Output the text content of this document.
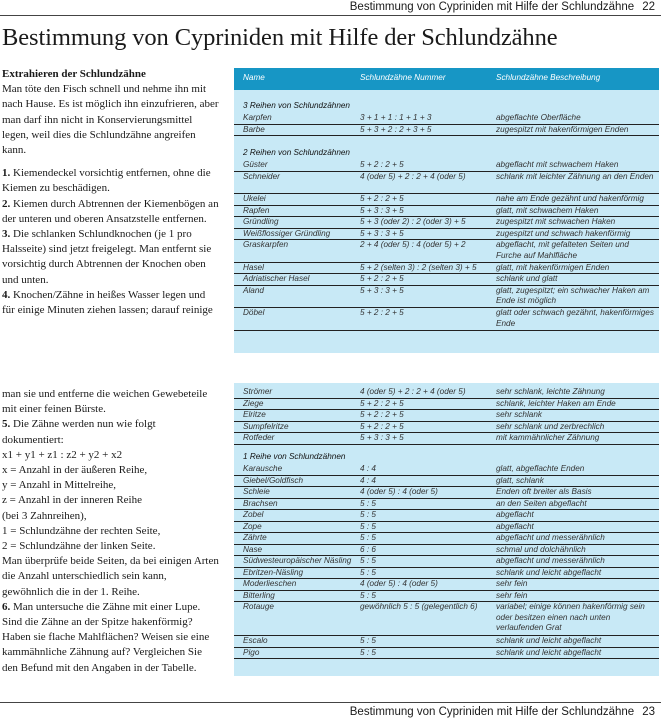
Bestimmung von Cypriniden mit Hilfe der Schlundzähne 22
Bestimmung von Cypriniden mit Hilfe der Schlundzähne

Extrahieren der Schlundzähne

Man töte den Fisch schnell und nehme ihn mit nach Hause. Es ist möglich ihn einzufrieren, aber man darf ihn nicht in Konservierungsmittel legen, weil dies die Schlundzähne angreifen kann.

1. Kiemendeckel vorsichtig entfernen, ohne die Kiemen zu beschädigen.

2. Kiemen durch Abtrennen der Kiemenbögen an der unteren und oberen Ansatzstelle entfernen.

3. Die schlanken Schlundknochen (je 1 pro Halsseite) sind jetzt freigelegt. Man entfernt sie vorsichtig durch Abtrennen der Knochen oben und unten.

4. Knochen/Zähne in heißes Wasser legen und für einige Minuten ziehen lassen; darauf reinige

man sie und entferne die weichen Gewebeteile mit einer feinen Bürste.

5. Die Zähne werden nun wie folgt dokumentiert:

x1 + y1 + z1 : z2 + y2 + x2

x = Anzahl in der äußeren Reihe,

y = Anzahl in Mittelreihe,

z = Anzahl in der inneren Reihe

(bei 3 Zahnreihen),

1 = Schlundzähne der rechten Seite,

2 = Schlundzähne der linken Seite.

Man überprüfe beide Seiten, da bei einigen Arten die Anzahl unterschiedlich sein kann, gewöhnlich die in der 1. Reihe.

6. Man untersuche die Zähne mit einer Lupe. Sind die Zähne an der Spitze hakenförmig? Haben sie flache Mahlflächen? Weisen sie eine kammähnliche Zähnung auf? Vergleichen Sie den Befund mit den Angaben in der Tabelle.

Name	Schlundzähne Nummer	Schlundzähne Beschreibung
3 Reihen von Schlundzähnen
Karpfen	3 + 1 + 1 : 1 + 1 + 3	abgeflachte Oberfläche
Barbe	5 + 3 + 2 : 2 + 3 + 5	zugespitzt mit hakenförmigen Enden
2 Reihen von Schlundzähnen
Güster	5 + 2 : 2 + 5	abgeflacht mit schwachem Haken
Schneider	4 (oder 5) + 2 : 2 + 4 (oder 5)	schlank mit leichter Zähnung an den Enden
Ukelei	5 + 2 : 2 + 5	nahe am Ende gezähnt und hakenförmig
Rapfen	5 + 3 : 3 + 5	glatt, mit schwachem Haken
Gründling	5 + 3 (oder 2) : 2 (oder 3) + 5	zugespitzt mit schwachen Haken
Weißflossiger Gründling	5 + 3 : 3 + 5	zugespitzt und schwach hakenförmig
Graskarpfen	2 + 4 (oder 5) : 4 (oder 5) + 2	abgeflacht, mit gefalteten Seiten und Furche auf Mahlfläche
Hasel	5 + 2 (selten 3) : 2 (selten 3) + 5	glatt, mit hakenförmigen Enden
Adriatischer Hasel	5 + 2 : 2 + 5	schlank und glatt
Aland	5 + 3 : 3 + 5	glatt, zugespitzt; ein schwacher Haken am Ende ist möglich
Döbel	5 + 2 : 2 + 5	glatt oder schwach gezähnt, hakenförmiges Ende
Strömer	4 (oder 5) + 2 : 2 + 4 (oder 5)	sehr schlank, leichte Zähnung
Ziege	5 + 2 : 2 + 5	schlank, leichter Haken am Ende
Elritze	5 + 2 : 2 + 5	sehr schlank
Sumpfelritze	5 + 2 : 2 + 5	sehr schlank und zerbrechlich
Rotfeder	5 + 3 : 3 + 5	mit kammähnlicher Zähnung
1 Reihe von Schlundzähnen
Karausche	4 : 4	glatt, abgeflachte Enden
Giebel/Goldfisch	4 : 4	glatt, schlank
Schleie	4 (oder 5) : 4 (oder 5)	Enden oft breiter als Basis
Brachsen	5 : 5	an den Seiten abgeflacht
Zobel	5 : 5	abgeflacht
Zope	5 : 5	abgeflacht
Zährte	5 : 5	abgeflacht und messerähnlich
Nase	6 : 6	schmal und dolchähnlich
Südwesteuropäischer Näsling	5 : 5	abgeflacht und messerähnlich
Ebritzen-Näsling	5 : 5	schlank und leicht abgeflacht
Moderlieschen	4 (oder 5) : 4 (oder 5)	sehr fein
Bitterling	5 : 5	sehr fein
Rotauge	gewöhnlich 5 : 5 (gelegentlich 6)	variabel; einige können hakenförmig sein oder besitzen einen nach unten verlaufenden Grat
Escalo	5 : 5	schlank und leicht abgeflacht
Pigo	5 : 5	schlank und leicht abgeflacht
Bestimmung von Cypriniden mit Hilfe der Schlundzähne 23
